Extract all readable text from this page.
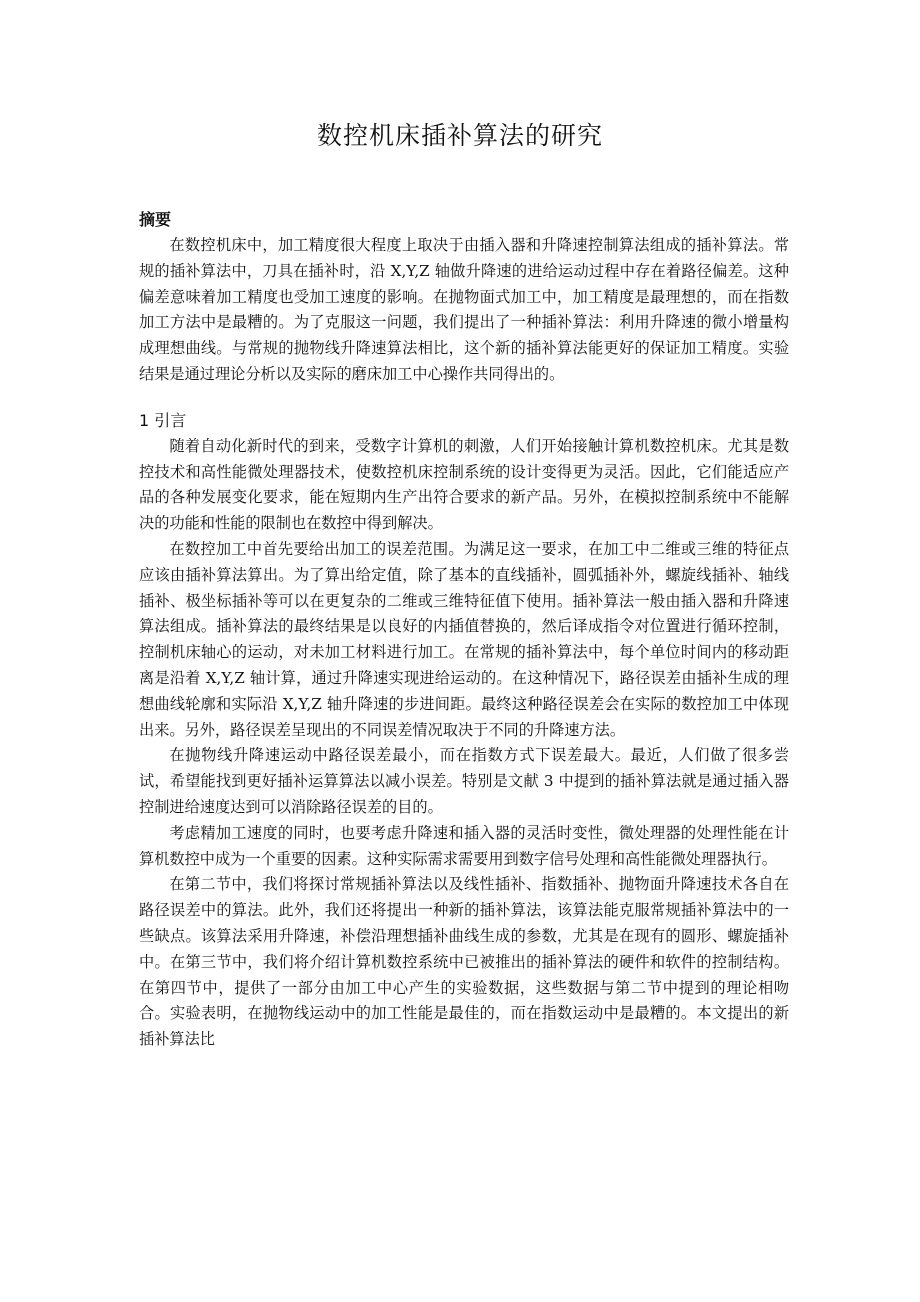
数控机床插补算法的研究
摘要

在数控机床中，加工精度很大程度上取决于由插入器和升降速控制算法组成的插补算法。常规的插补算法中，刀具在插补时，沿 X,Y,Z 轴做升降速的进给运动过程中存在着路径偏差。这种偏差意味着加工精度也受加工速度的影响。在抛物面式加工中，加工精度是最理想的，而在指数加工方法中是最糟的。为了克服这一问题，我们提出了一种插补算法：利用升降速的微小增量构成理想曲线。与常规的抛物线升降速算法相比，这个新的插补算法能更好的保证加工精度。实验结果是通过理论分析以及实际的磨床加工中心操作共同得出的。

1 引言

随着自动化新时代的到来，受数字计算机的刺激，人们开始接触计算机数控机床。尤其是数控技术和高性能微处理器技术，使数控机床控制系统的设计变得更为灵活。因此，它们能适应产品的各种发展变化要求，能在短期内生产出符合要求的新产品。另外，在模拟控制系统中不能解决的功能和性能的限制也在数控中得到解决。

在数控加工中首先要给出加工的误差范围。为满足这一要求，在加工中二维或三维的特征点应该由插补算法算出。为了算出给定值，除了基本的直线插补，圆弧插补外，螺旋线插补、轴线插补、极坐标插补等可以在更复杂的二维或三维特征值下使用。插补算法一般由插入器和升降速算法组成。插补算法的最终结果是以良好的内插值替换的，然后译成指令对位置进行循环控制，控制机床轴心的运动，对未加工材料进行加工。在常规的插补算法中，每个单位时间内的移动距离是沿着 X,Y,Z 轴计算，通过升降速实现进给运动的。在这种情况下，路径误差由插补生成的理想曲线轮廓和实际沿 X,Y,Z 轴升降速的步进间距。最终这种路径误差会在实际的数控加工中体现出来。另外，路径误差呈现出的不同误差情况取决于不同的升降速方法。

在抛物线升降速运动中路径误差最小，而在指数方式下误差最大。最近，人们做了很多尝试，希望能找到更好插补运算算法以减小误差。特别是文献 3 中提到的插补算法就是通过插入器控制进给速度达到可以消除路径误差的目的。

考虑精加工速度的同时，也要考虑升降速和插入器的灵活时变性，微处理器的处理性能在计算机数控中成为一个重要的因素。这种实际需求需要用到数字信号处理和高性能微处理器执行。

在第二节中，我们将探讨常规插补算法以及线性插补、指数插补、抛物面升降速技术各自在路径误差中的算法。此外，我们还将提出一种新的插补算法，该算法能克服常规插补算法中的一些缺点。该算法采用升降速，补偿沿理想插补曲线生成的参数，尤其是在现有的圆形、螺旋插补中。在第三节中，我们将介绍计算机数控系统中已被推出的插补算法的硬件和软件的控制结构。在第四节中，提供了一部分由加工中心产生的实验数据，这些数据与第二节中提到的理论相吻合。实验表明，在抛物线运动中的加工性能是最佳的，而在指数运动中是最糟的。本文提出的新插补算法比
